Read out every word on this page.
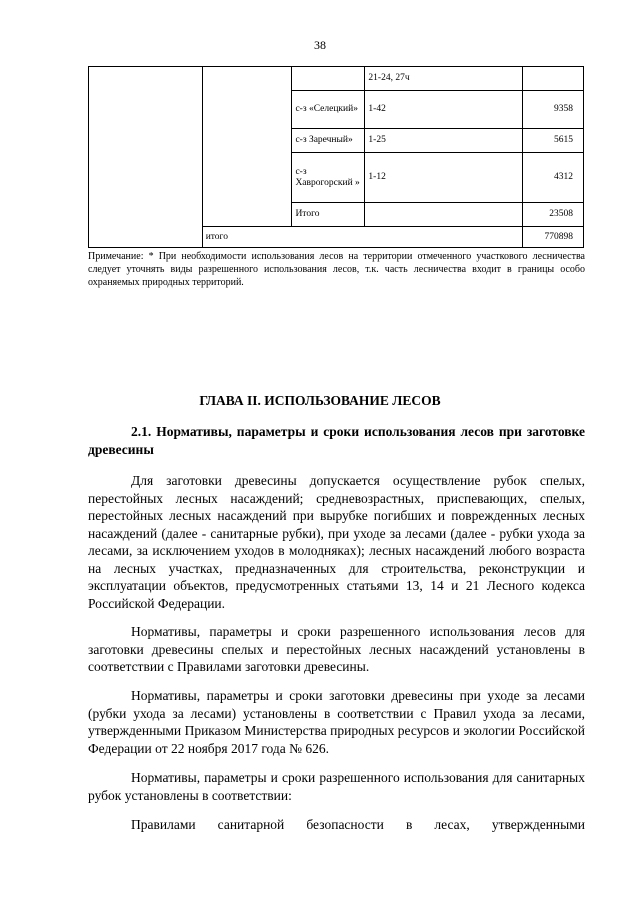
38
			21-24, 27ч	
		с-з «Селецкий»	1-42	9358
		с-з Заречный»	1-25	5615
		с-з Хаврогорский »	1-12	4312
		Итого		23508
	итого			770898
Примечание: * При необходимости использования лесов на территории отмеченного участкового лесничества следует уточнять виды разрешенного использования лесов, т.к. часть лесничества входит в границы особо охраняемых природных территорий.
ГЛАВА II. ИСПОЛЬЗОВАНИЕ ЛЕСОВ
2.1. Нормативы, параметры и сроки использования лесов при заготовке древесины

Для заготовки древесины допускается осуществление рубок спелых, перестойных лесных насаждений; средневозрастных, приспевающих, спелых, перестойных лесных насаждений при вырубке погибших и поврежденных лесных насаждений (далее - санитарные рубки), при уходе за лесами (далее - рубки ухода за лесами, за исключением уходов в молодняках); лесных насаждений любого возраста на лесных участках, предназначенных для строительства, реконструкции и эксплуатации объектов, предусмотренных статьями 13, 14 и 21 Лесного кодекса Российской Федерации.

Нормативы, параметры и сроки разрешенного использования лесов для заготовки древесины спелых и перестойных лесных насаждений установлены в соответствии с Правилами заготовки древесины.

Нормативы, параметры и сроки заготовки древесины при уходе за лесами (рубки ухода за лесами) установлены в соответствии с Правил ухода за лесами, утвержденными Приказом Министерства природных ресурсов и экологии Российской Федерации от 22 ноября 2017 года № 626.

Нормативы, параметры и сроки разрешенного использования для санитарных рубок установлены в соответствии:

Правилами санитарной безопасности в лесах, утвержденными
